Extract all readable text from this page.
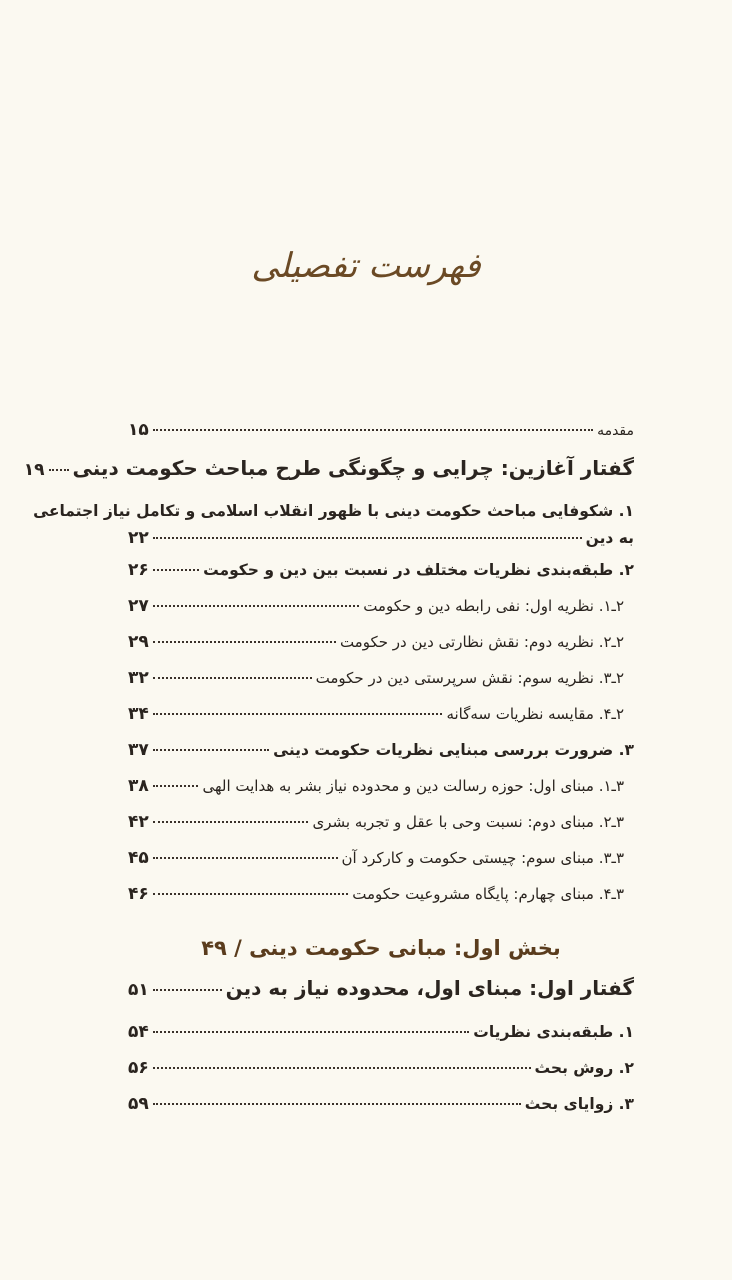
فهرست تفصیلی
مقدمه
۱۵
گفتار آغازین: چرایی و چگونگی طرح مباحث حکومت دینی
۱۹
۱. شکوفایی مباحث حکومت دینی با ظهور انقلاب اسلامی و تکامل نیاز اجتماعی
به دین
۲۲
۲. طبقه‌بندی نظریات مختلف در نسبت بین دین و حکومت
۲۶
۲ـ۱. نظریه اول: نفی رابطه دین و حکومت
۲۷
۲ـ۲. نظریه دوم: نقش نظارتی دین در حکومت
۲۹
۲ـ۳. نظریه سوم: نقش سرپرستی دین در حکومت
۳۲
۲ـ۴. مقایسه نظریات سه‌گانه
۳۴
۳. ضرورت بررسی مبنایی نظریات حکومت دینی
۳۷
۳ـ۱. مبنای اول: حوزه رسالت دین و محدوده نیاز بشر به هدایت الهی
۳۸
۳ـ۲. مبنای دوم: نسبت وحی با عقل و تجربه بشری
۴۲
۳ـ۳. مبنای سوم: چیستی حکومت و کارکرد آن
۴۵
۳ـ۴. مبنای چهارم: پایگاه مشروعیت حکومت
۴۶
بخش اول: مبانی حکومت دینی / ۴۹
گفتار اول: مبنای اول، محدوده نیاز به دین
۵۱
۱. طبقه‌بندی نظریات
۵۴
۲. روش بحث
۵۶
۳. زوایای بحث
۵۹
